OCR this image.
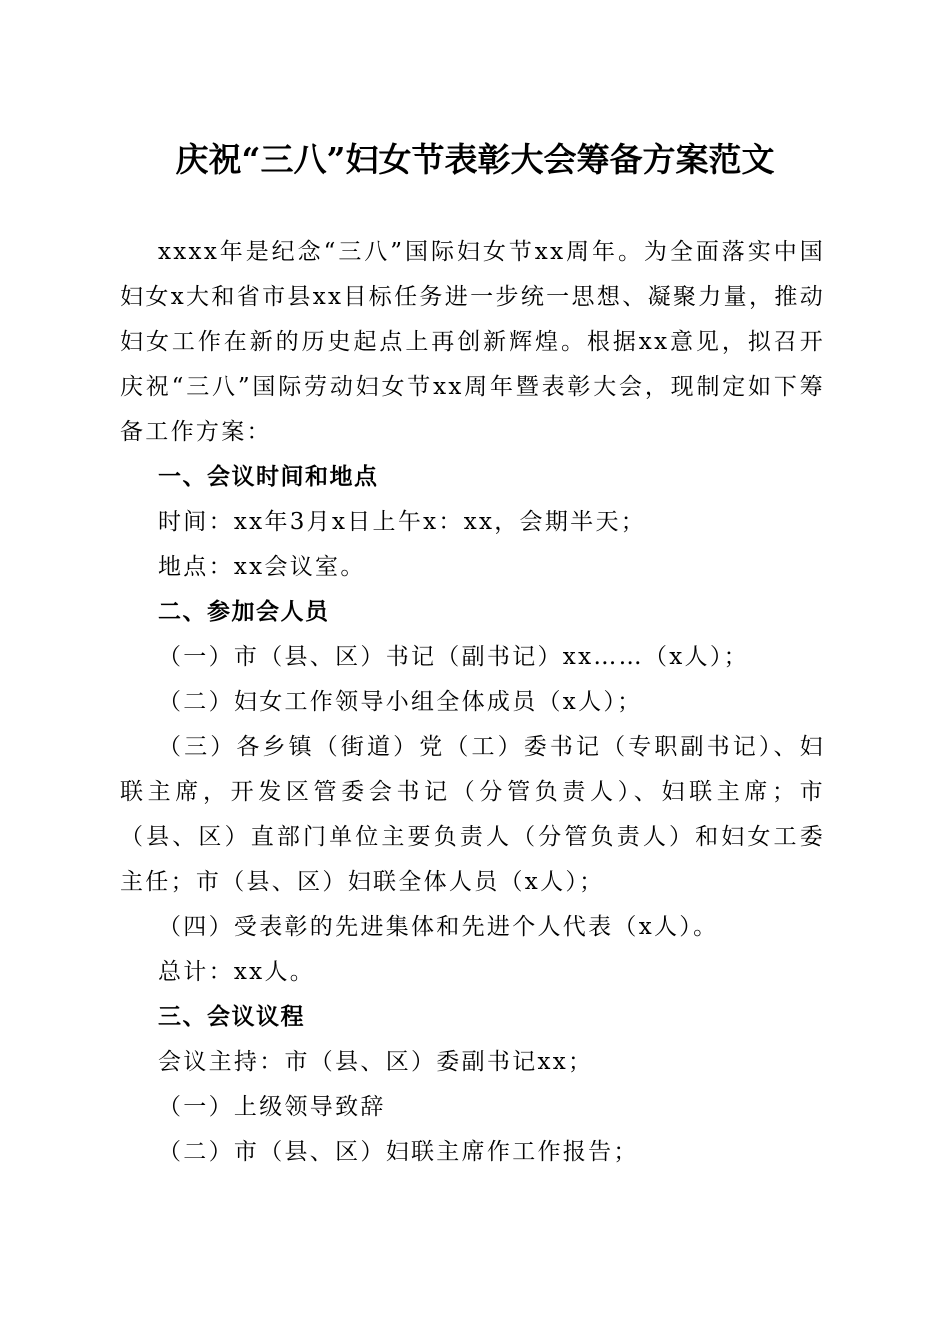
庆祝“三八”妇女节表彰大会筹备方案范文

xxxx年是纪念“三八”国际妇女节xx周年。为全面落实中国妇女x大和省市县xx目标任务进一步统一思想、凝聚力量，推动妇女工作在新的历史起点上再创新辉煌。根据xx意见，拟召开庆祝“三八”国际劳动妇女节xx周年暨表彰大会，现制定如下筹备工作方案：

一、会议时间和地点

时间：xx年3月x日上午x：xx，会期半天；

地点：xx会议室。

二、参加会人员

（一）市（县、区）书记（副书记）xx……（x人）；

（二）妇女工作领导小组全体成员（x人）；

（三）各乡镇（街道）党（工）委书记（专职副书记）、妇联主席，开发区管委会书记（分管负责人）、妇联主席；市（县、区）直部门单位主要负责人（分管负责人）和妇女工委主任；市（县、区）妇联全体人员（x人）；

（四）受表彰的先进集体和先进个人代表（x人）。

总计：xx人。

三、会议议程

会议主持：市（县、区）委副书记xx；

（一）上级领导致辞

（二）市（县、区）妇联主席作工作报告；
